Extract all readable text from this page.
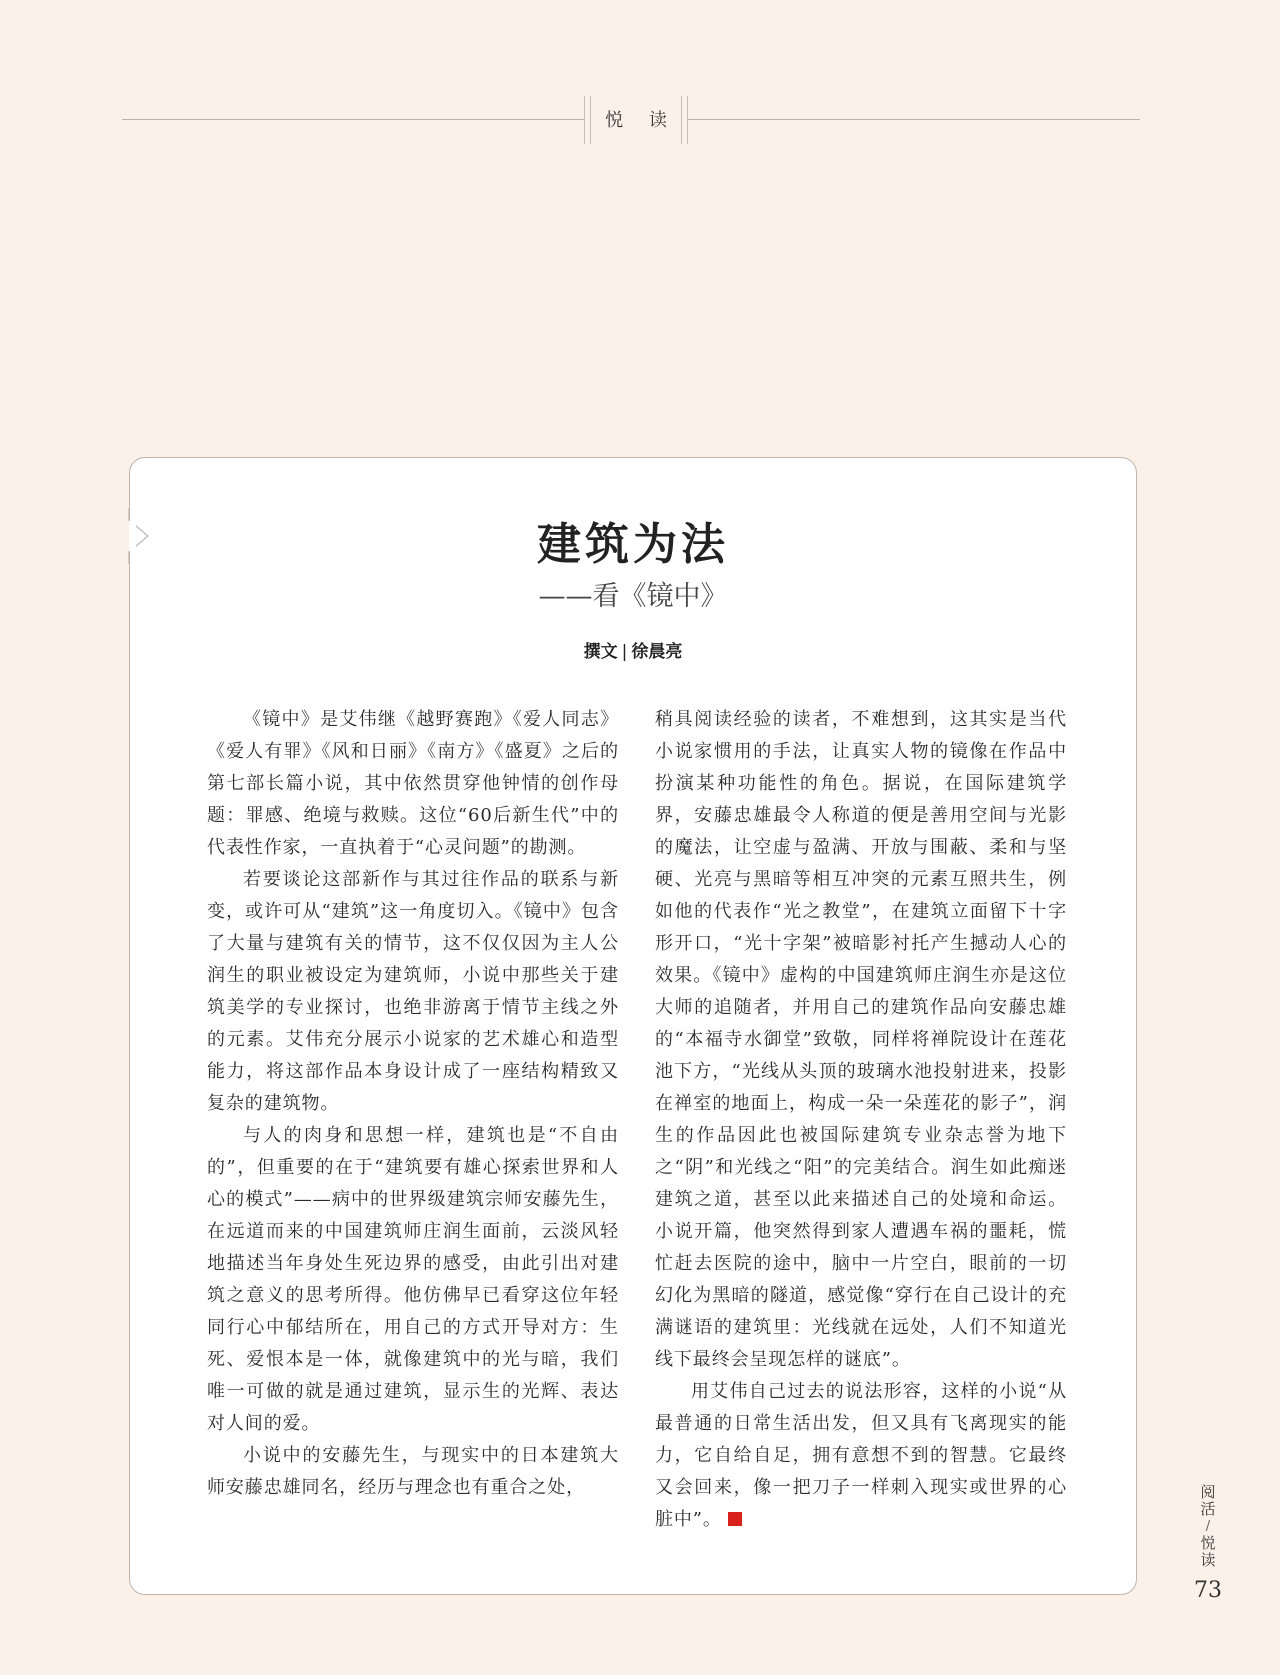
悦 读
建筑为法
——看《镜中》
撰文 | 徐晨亮

《镜中》是艾伟继《越野赛跑》《爱人同志》《爱人有罪》《风和日丽》《南方》《盛夏》之后的第七部长篇小说，其中依然贯穿他钟情的创作母题：罪感、绝境与救赎。这位“60后新生代”中的代表性作家，一直执着于“心灵问题”的勘测。

若要谈论这部新作与其过往作品的联系与新变，或许可从“建筑”这一角度切入。《镜中》包含了大量与建筑有关的情节，这不仅仅因为主人公润生的职业被设定为建筑师，小说中那些关于建筑美学的专业探讨，也绝非游离于情节主线之外的元素。艾伟充分展示小说家的艺术雄心和造型能力，将这部作品本身设计成了一座结构精致又复杂的建筑物。

与人的肉身和思想一样，建筑也是“不自由的”，但重要的在于“建筑要有雄心探索世界和人心的模式”——病中的世界级建筑宗师安藤先生，在远道而来的中国建筑师庄润生面前，云淡风轻地描述当年身处生死边界的感受，由此引出对建筑之意义的思考所得。他仿佛早已看穿这位年轻同行心中郁结所在，用自己的方式开导对方：生死、爱恨本是一体，就像建筑中的光与暗，我们唯一可做的就是通过建筑，显示生的光辉、表达对人间的爱。

小说中的安藤先生，与现实中的日本建筑大师安藤忠雄同名，经历与理念也有重合之处，

稍具阅读经验的读者，不难想到，这其实是当代小说家惯用的手法，让真实人物的镜像在作品中扮演某种功能性的角色。据说，在国际建筑学界，安藤忠雄最令人称道的便是善用空间与光影的魔法，让空虚与盈满、开放与围蔽、柔和与坚硬、光亮与黑暗等相互冲突的元素互照共生，例如他的代表作“光之教堂”，在建筑立面留下十字形开口，“光十字架”被暗影衬托产生撼动人心的效果。《镜中》虚构的中国建筑师庄润生亦是这位大师的追随者，并用自己的建筑作品向安藤忠雄的“本福寺水御堂”致敬，同样将禅院设计在莲花池下方，“光线从头顶的玻璃水池投射进来，投影在禅室的地面上，构成一朵一朵莲花的影子”，润生的作品因此也被国际建筑专业杂志誉为地下之“阴”和光线之“阳”的完美结合。润生如此痴迷建筑之道，甚至以此来描述自己的处境和命运。小说开篇，他突然得到家人遭遇车祸的噩耗，慌忙赶去医院的途中，脑中一片空白，眼前的一切幻化为黑暗的隧道，感觉像“穿行在自己设计的充满谜语的建筑里：光线就在远处，人们不知道光线下最终会呈现怎样的谜底”。

用艾伟自己过去的说法形容，这样的小说“从最普通的日常生活出发，但又具有飞离现实的能力，它自给自足，拥有意想不到的智慧。它最终又会回来，像一把刀子一样刺入现实或世界的心脏中”。

阅活
/
悦读
73
